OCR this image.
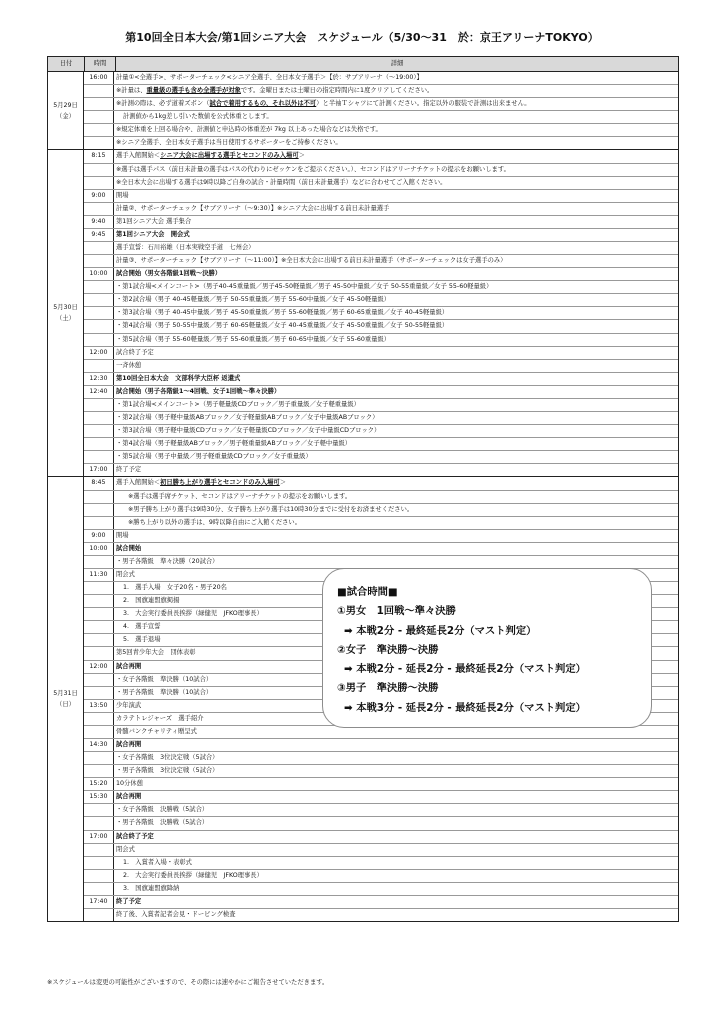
第10回全日本大会/第1回シニア大会　スケジュール（5/30～31　於：京王アリーナTOKYO）
日付	時間	詳細
5月29日
（金）
16:00	計量①<全選手>、サポーターチェック<シニア全選手、全日本女子選手＞【於：サブアリーナ（～19:00）】
※計量は、重量級の選手も含め全選手が対象です。金曜日または土曜日の指定時間内に1度クリアしてください。
※計測の際は、必ず道着ズボン（試合で着用するもの、それ以外は不可）と半袖Ｔシャツにて計測ください。指定以外の服装で計測は出来ません。
計測値から1kg差し引いた数値を公式体重とします。
※規定体重を上回る場合や、計測値と申込時の体重差が 7kg 以上あった場合などは失格です。
※シニア全選手、全日本女子選手は当日使用するサポーターをご持参ください。
5月30日
（土）
8:15	選手入館開始＜シニア大会に出場する選手とセコンドのみ入場可＞
※選手は選手パス（前日未計量の選手はパスの代わりにゼッケンをご提示ください。）、セコンドはアリーナチケットの提示をお願いします。
※全日本大会に出場する選手は9時以降ご自身の試合・計量時間（前日未計量選手）などに合わせてご入館ください。
9:00	開場
計量②、サポーターチェック【サブアリーナ（～9:30）】※シニア大会に出場する前日未計量選手
9:40	第1回シニア大会 選手集合
9:45	第1回シニア大会　開会式
選手宣誓：石川裕雄（日本実戦空手道　七州会）
計量③、サポーターチェック【サブアリーナ（～11:00）】※全日本大会に出場する前日未計量選手（サポーターチェックは女子選手のみ）
10:00	試合開始（男女各階級1回戦～決勝）
・第1試合場<メインコート>（男子40-45重量級／男子45-50軽量級／男子 45-50中量級／女子 50-55重量級／女子 55-60軽量級）
・第2試合場（男子 40-45軽量級／男子 50-55重量級／男子 55-60中量級／女子 45-50軽量級）
・第3試合場（男子 40-45中量級／男子 45-50重量級／男子 55-60軽量級／男子 60-65重量級／女子 40-45軽量級）
・第4試合場（男子 50-55中量級／男子 60-65軽量級／女子 40-45重量級／女子 45-50重量級／女子 50-55軽量級）
・第5試合場（男子 55-60軽量級／男子 55-60重量級／男子 60-65中量級／女子 55-60重量級）
12:00	試合終了予定
一斉休憩
12:30	第10回全日本大会　文部科学大臣杯 返還式
12:40	試合開始（男子各階級1～4回戦、女子1回戦～準々決勝）
・第1試合場<メインコート>（男子軽量級CDブロック／男子重量級／女子軽重量級）
・第2試合場（男子軽中量級ABブロック／女子軽量級ABブロック／女子中量級ABブロック）
・第3試合場（男子軽中量級CDブロック／女子軽量級CDブロック／女子中量級CDブロック）
・第4試合場（男子軽量級ABブロック／男子軽重量級ABブロック／女子軽中量級）
・第5試合場（男子中量級／男子軽重量級CDブロック／女子重量級）
17:00	終了予定
5月31日
（日）
8:45	選手入館開始＜初日勝ち上がり選手とセコンドのみ入場可＞
※選手は選手席チケット、セコンドはアリーナチケットの提示をお願いします。
※男子勝ち上がり選手は9時30分、女子勝ち上がり選手は10時30分までに受付をお済ませください。
※勝ち上がり以外の選手は、9時以降自由にご入館ください。
9:00	開場
10:00	試合開始
・男子各階級　準々決勝（20試合）
11:30	閉会式
1.　選手入場　女子20名・男子20名
2.　国旗連盟旗掲揚
3.　大会実行委員長挨拶（緑健児　JFKO理事長）
4.　選手宣誓
5.　選手退場
第5回青少年大会　団体表彰
12:00	試合再開
・女子各階級　準決勝（10試合）
・男子各階級　準決勝（10試合）
13:50	少年演武
カラテトレジャーズ　選手紹介
骨髄バンクチャリティ贈呈式
14:30	試合再開
・女子各階級　3位決定戦（5試合）
・男子各階級　3位決定戦（5試合）
15:20	10分休憩
15:30	試合再開
・女子各階級　決勝戦（5試合）
・男子各階級　決勝戦（5試合）
17:00	試合終了予定
閉会式
1.　入賞者入場・表彰式
2.　大会実行委員長挨拶（緑健児　JFKO理事長）
3.　国旗連盟旗降納
17:40	終了予定
終了後、入賞者記者会見・ドーピング検査
■試合時間■
①男女　1回戦～準々決勝
➡ 本戦2分 - 最終延長2分（マスト判定）
②女子　準決勝～決勝
➡ 本戦2分 - 延長2分 - 最終延長2分（マスト判定）
③男子　準決勝～決勝
➡ 本戦3分 - 延長2分 - 最終延長2分（マスト判定）
※スケジュールは変更の可能性がございますので、その際には速やかにご報告させていただきます。
